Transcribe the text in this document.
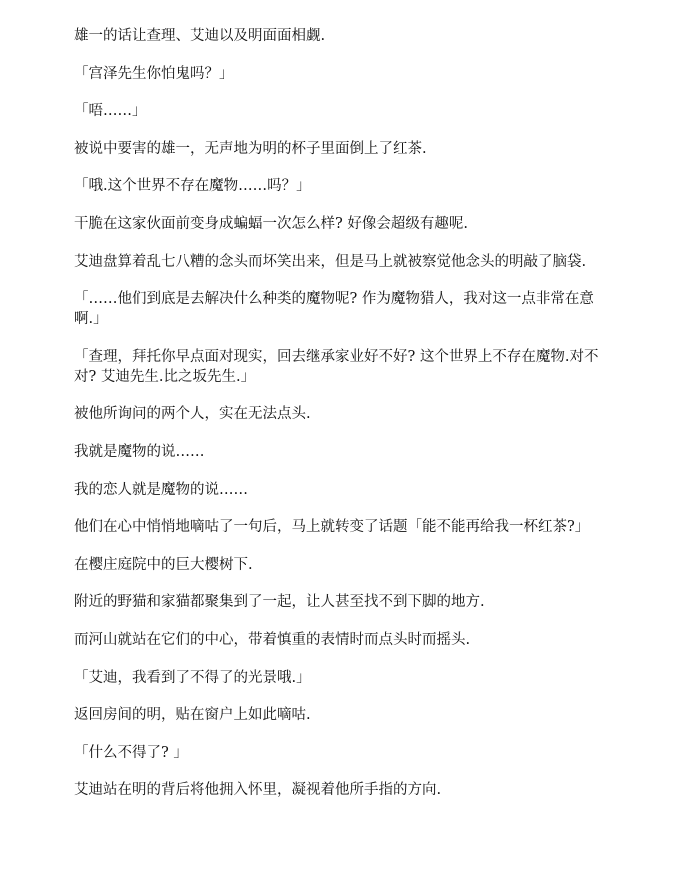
雄一的话让查理、艾迪以及明面面相觑.

「宫泽先生你怕鬼吗？」

「唔……」

被说中要害的雄一，无声地为明的杯子里面倒上了红茶.

「哦.这个世界不存在魔物……吗？」

干脆在这家伙面前变身成蝙蝠一次怎么样? 好像会超级有趣呢.

艾迪盘算着乱七八糟的念头而坏笑出来，但是马上就被察觉他念头的明敲了脑袋.

「……他们到底是去解决什么种类的魔物呢? 作为魔物猎人，我对这一点非常在意啊.」

「查理，拜托你早点面对现实，回去继承家业好不好? 这个世界上不存在魔物.对不对? 艾迪先生.比之坂先生.」

被他所询问的两个人，实在无法点头.

我就是魔物的说……

我的恋人就是魔物的说……

他们在心中悄悄地嘀咕了一句后，马上就转变了话题「能不能再给我一杯红茶?」

在樱庄庭院中的巨大樱树下.

附近的野猫和家猫都聚集到了一起，让人甚至找不到下脚的地方.

而河山就站在它们的中心，带着慎重的表情时而点头时而摇头.

「艾迪，我看到了不得了的光景哦.」

返回房间的明，贴在窗户上如此嘀咕.

「什么不得了? 」

艾迪站在明的背后将他拥入怀里，凝视着他所手指的方向.
